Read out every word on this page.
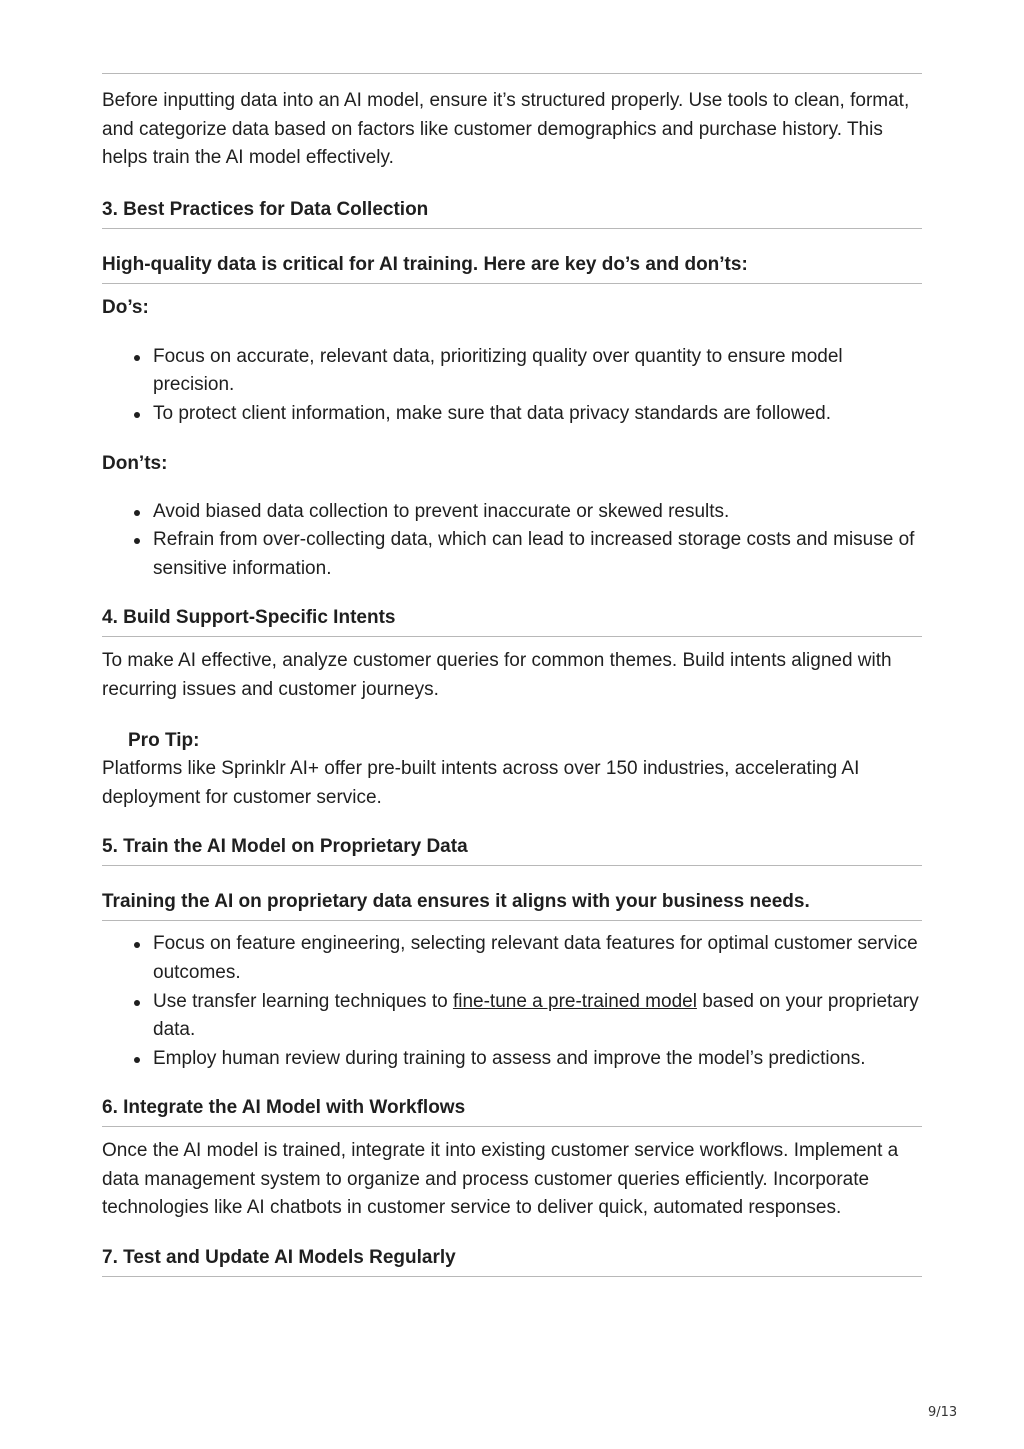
Before inputting data into an AI model, ensure it’s structured properly. Use tools to clean, format, and categorize data based on factors like customer demographics and purchase history. This helps train the AI model effectively.

3. Best Practices for Data Collection
High-quality data is critical for AI training. Here are key do’s and don’ts:
Do’s:
Focus on accurate, relevant data, prioritizing quality over quantity to ensure model precision.
To protect client information, make sure that data privacy standards are followed.
Don’ts:
Avoid biased data collection to prevent inaccurate or skewed results.
Refrain from over-collecting data, which can lead to increased storage costs and misuse of sensitive information.
4. Build Support-Specific Intents

To make AI effective, analyze customer queries for common themes. Build intents aligned with recurring issues and customer journeys.

Pro Tip:

Platforms like Sprinklr AI+ offer pre-built intents across over 150 industries, accelerating AI deployment for customer service.

5. Train the AI Model on Proprietary Data
Training the AI on proprietary data ensures it aligns with your business needs.
Focus on feature engineering, selecting relevant data features for optimal customer service outcomes.
Use transfer learning techniques to fine-tune a pre-trained model based on your proprietary data.
Employ human review during training to assess and improve the model’s predictions.
6. Integrate the AI Model with Workflows

Once the AI model is trained, integrate it into existing customer service workflows. Implement a data management system to organize and process customer queries efficiently. Incorporate technologies like AI chatbots in customer service to deliver quick, automated responses.

7. Test and Update AI Models Regularly
9/13
